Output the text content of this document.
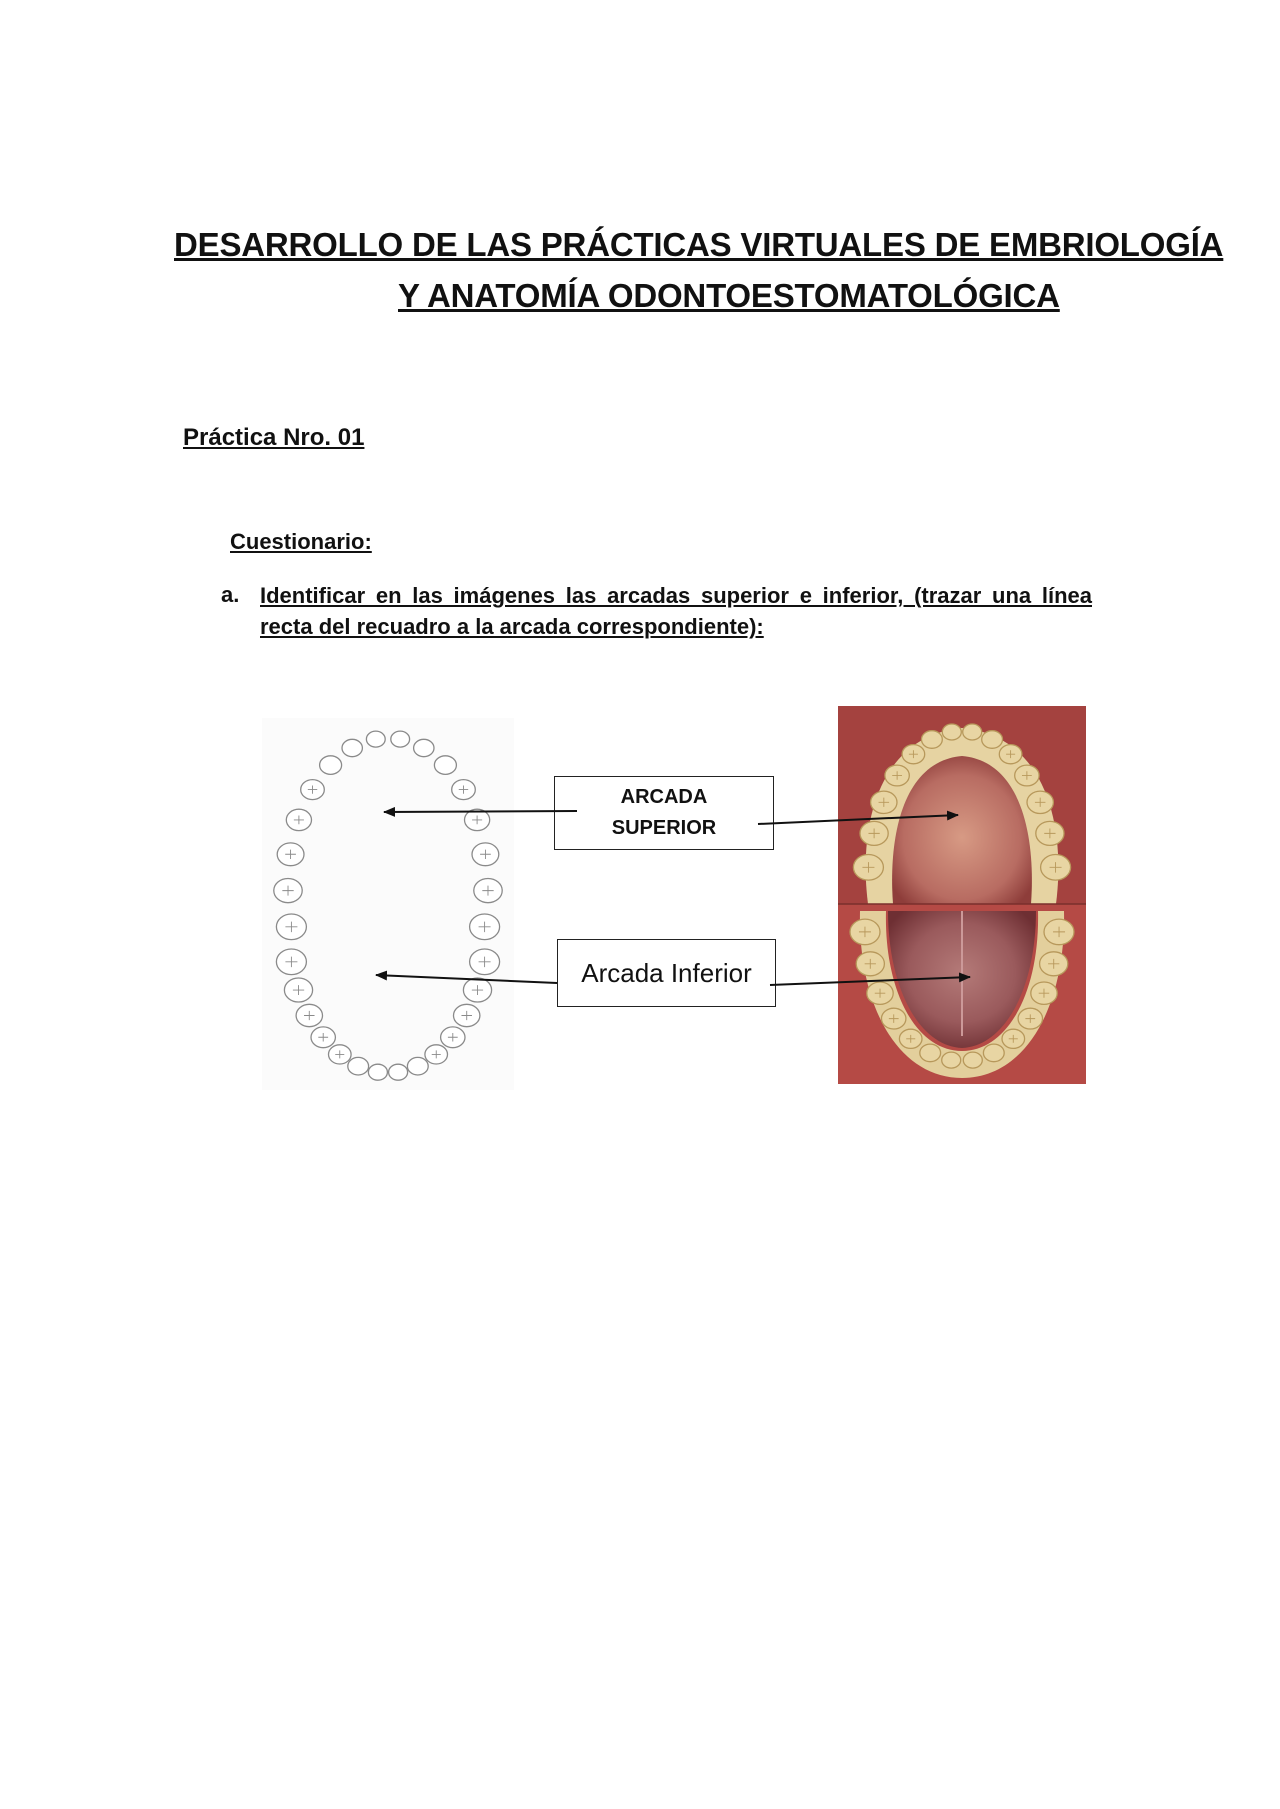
DESARROLLO DE LAS PRÁCTICAS VIRTUALES DE EMBRIOLOGÍA
Y ANATOMÍA ODONTOESTOMATOLÓGICA
Práctica Nro. 01
Cuestionario:
a. Identificar en las imágenes las arcadas superior e inferior, (trazar una línea recta del recuadro a la arcada correspondiente):
ARCADA
SUPERIOR
Arcada Inferior
